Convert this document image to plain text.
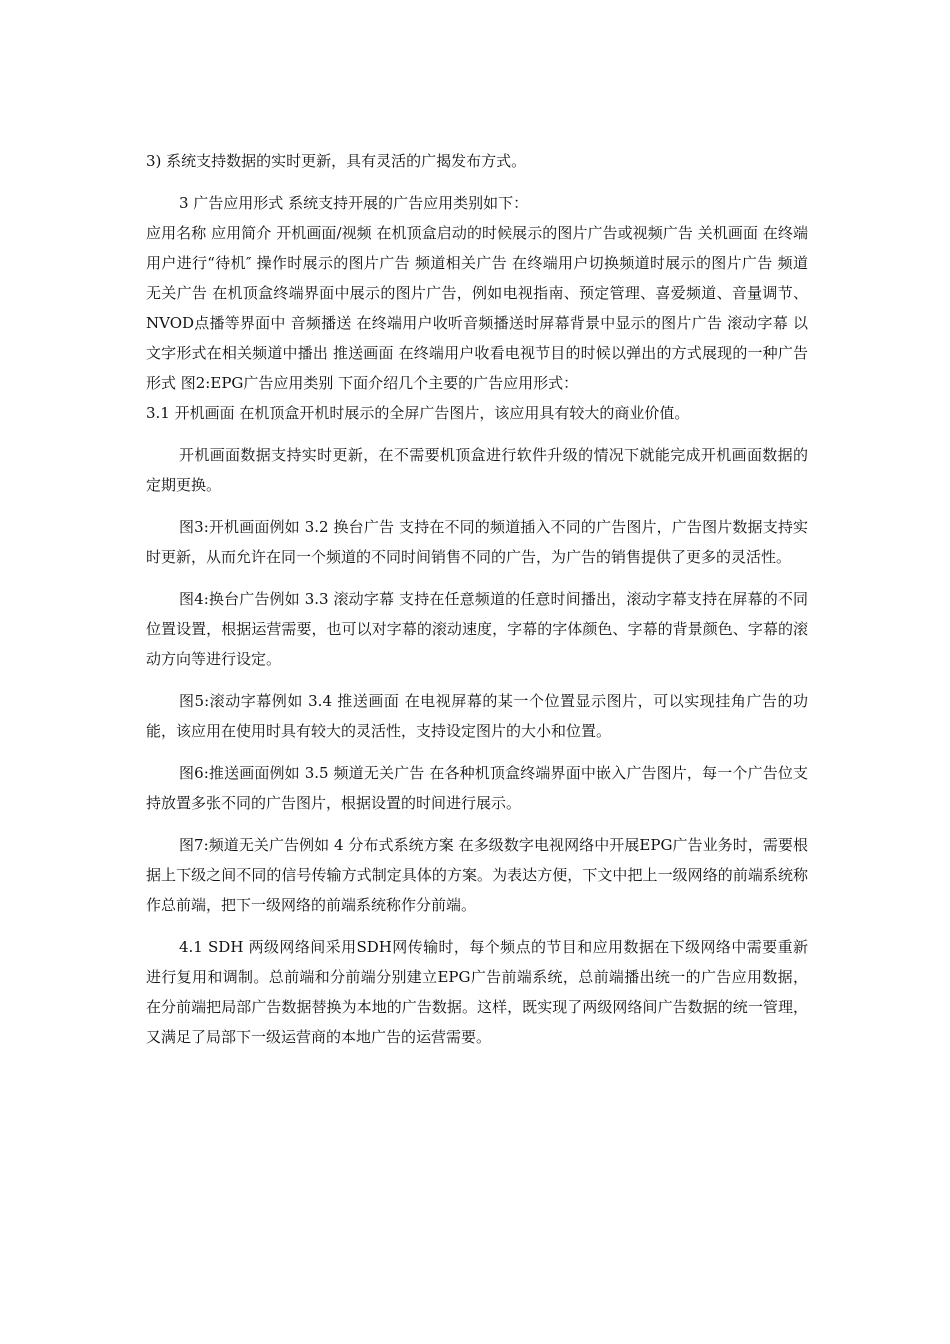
3) 系统支持数据的实时更新，具有灵活的广揭发布方式。

3 广告应用形式 系统支持开展的广告应用类别如下：

应用名称 应用简介 开机画面/视频 在机顶盒启动的时候展示的图片广告或视频广告 关机画面 在终端用户进行“待机″ 操作时展示的图片广告 频道相关广告 在终端用户切换频道时展示的图片广告 频道无关广告 在机顶盒终端界面中展示的图片广告，例如电视指南、预定管理、喜爱频道、音量调节、NVOD点播等界面中 音频播送 在终端用户收听音频播送时屏幕背景中显示的图片广告 滚动字幕 以文字形式在相关频道中播出 推送画面 在终端用户收看电视节目的时候以弹出的方式展现的一种广告形式 图2:EPG广告应用类别 下面介绍几个主要的广告应用形式：

3.1 开机画面 在机顶盒开机时展示的全屏广告图片，该应用具有较大的商业价值。

开机画面数据支持实时更新，在不需要机顶盒进行软件升级的情况下就能完成开机画面数据的定期更换。

图3:开机画面例如 3.2 换台广告 支持在不同的频道插入不同的广告图片，广告图片数据支持实时更新，从而允许在同一个频道的不同时间销售不同的广告，为广告的销售提供了更多的灵活性。

图4:换台广告例如 3.3 滚动字幕 支持在任意频道的任意时间播出，滚动字幕支持在屏幕的不同位置设置，根据运营需要，也可以对字幕的滚动速度，字幕的字体颜色、字幕的背景颜色、字幕的滚动方向等进行设定。

图5:滚动字幕例如 3.4 推送画面 在电视屏幕的某一个位置显示图片，可以实现挂角广告的功能，该应用在使用时具有较大的灵活性，支持设定图片的大小和位置。

图6:推送画面例如 3.5 频道无关广告 在各种机顶盒终端界面中嵌入广告图片，每一个广告位支持放置多张不同的广告图片，根据设置的时间进行展示。

图7:频道无关广告例如 4 分布式系统方案 在多级数字电视网络中开展EPG广告业务时，需要根据上下级之间不同的信号传输方式制定具体的方案。为表达方便，下文中把上一级网络的前端系统称作总前端，把下一级网络的前端系统称作分前端。

4.1 SDH 两级网络间采用SDH网传输时，每个频点的节目和应用数据在下级网络中需要重新进行复用和调制。总前端和分前端分别建立EPG广告前端系统，总前端播出统一的广告应用数据，在分前端把局部广告数据替换为本地的广告数据。这样，既实现了两级网络间广告数据的统一管理，又满足了局部下一级运营商的本地广告的运营需要。
